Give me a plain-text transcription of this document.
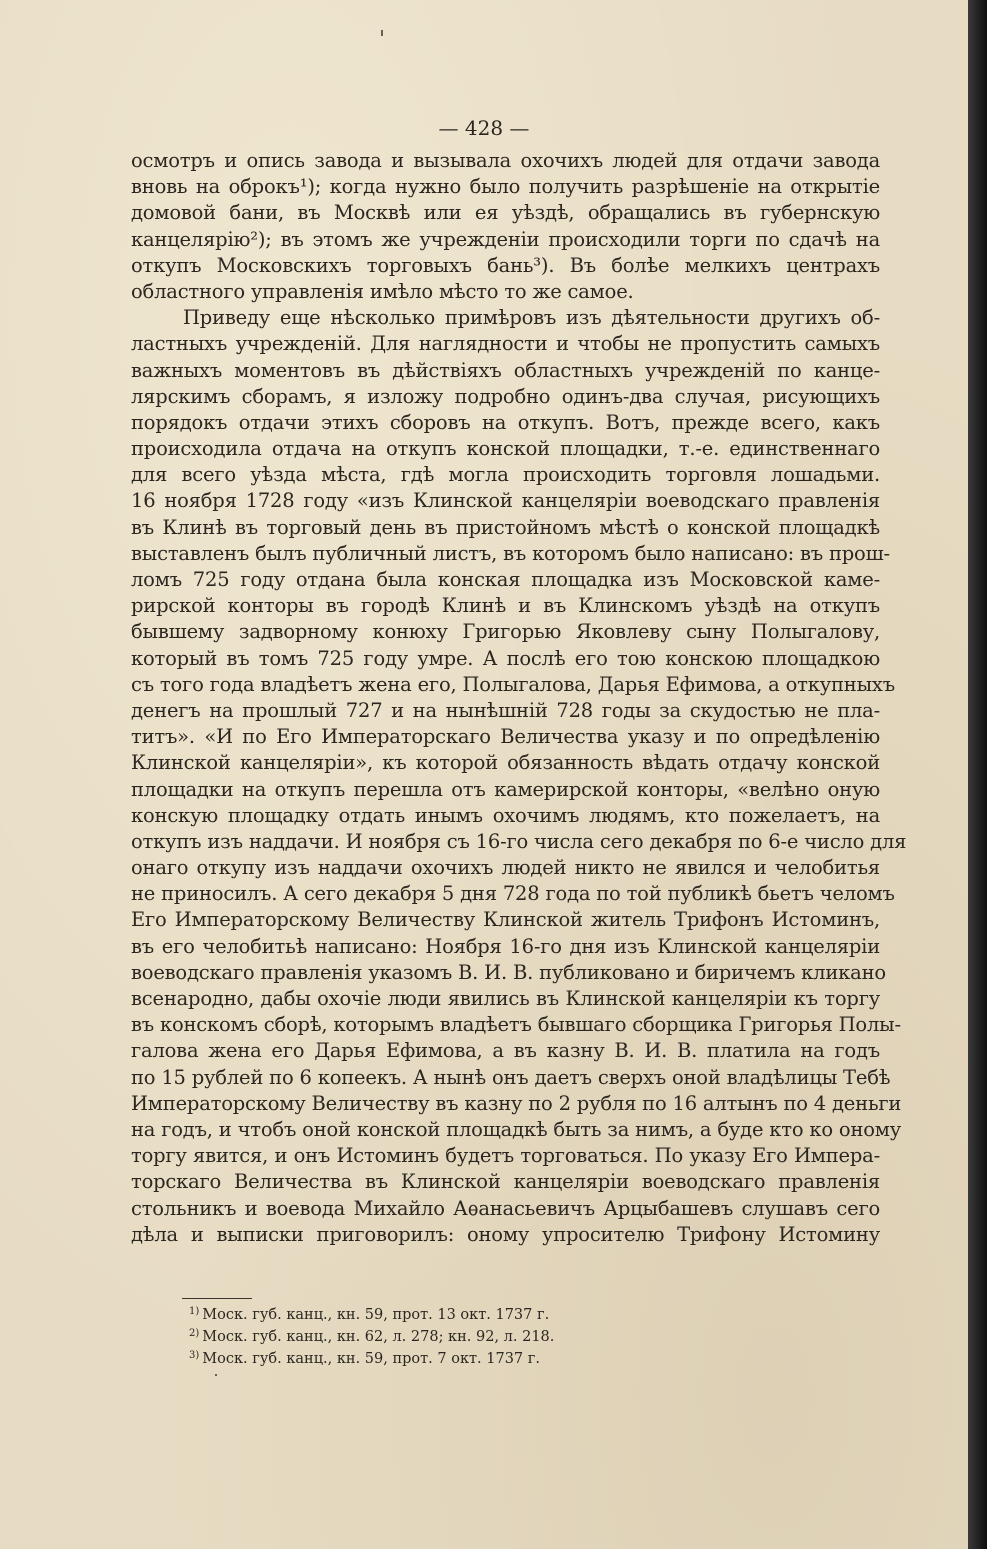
— 428 —
осмотръ и опись завода и вызывала охочихъ людей для отдачи завода
вновь на оброкъ¹); когда нужно было получить разрѣшеніе на открытіе
домовой бани, въ Москвѣ или ея уѣздѣ, обращались въ губернскую
канцелярію²); въ этомъ же учрежденіи происходили торги по сдачѣ на
откупъ Московскихъ торговыхъ бань³). Въ болѣе мелкихъ центрахъ
областного управленія имѣло мѣсто то же самое.
Приведу еще нѣсколько примѣровъ изъ дѣятельности другихъ об-
ластныхъ учрежденій. Для наглядности и чтобы не пропустить самыхъ
важныхъ моментовъ въ дѣйствіяхъ областныхъ учрежденій по канце-
лярскимъ сборамъ, я изложу подробно одинъ-два случая, рисующихъ
порядокъ отдачи этихъ сборовъ на откупъ. Вотъ, прежде всего, какъ
происходила отдача на откупъ конской площадки, т.-е. единственнаго
для всего уѣзда мѣста, гдѣ могла происходить торговля лошадьми.
16 ноября 1728 году «изъ Клинской канцеляріи воеводскаго правленія
въ Клинѣ въ торговый день въ пристойномъ мѣстѣ о конской площадкѣ
выставленъ былъ публичный листъ, въ которомъ было написано: въ прош-
ломъ 725 году отдана была конская площадка изъ Московской каме-
рирской конторы въ городѣ Клинѣ и въ Клинскомъ уѣздѣ на откупъ
бывшему задворному конюху Григорью Яковлеву сыну Полыгалову,
который въ томъ 725 году умре. А послѣ его тою конскою площадкою
съ того года владѣетъ жена его, Полыгалова, Дарья Ефимова, а откупныхъ
денегъ на прошлый 727 и на нынѣшній 728 годы за скудостью не пла-
титъ». «И по Его Императорскаго Величества указу и по опредѣленію
Клинской канцеляріи», къ которой обязанность вѣдать отдачу конской
площадки на откупъ перешла отъ камерирской конторы, «велѣно оную
конскую площадку отдать инымъ охочимъ людямъ, кто пожелаетъ, на
откупъ изъ наддачи. И ноября съ 16-го числа сего декабря по 6-е число для
онаго откупу изъ наддачи охочихъ людей никто не явился и челобитья
не приносилъ. А сего декабря 5 дня 728 года по той публикѣ бьетъ челомъ
Его Императорскому Величеству Клинской житель Трифонъ Истоминъ,
въ его челобитьѣ написано: Ноября 16-го дня изъ Клинской канцеляріи
воеводскаго правленія указомъ В. И. В. публиковано и биричемъ кликано
всенародно, дабы охочіе люди явились въ Клинской канцеляріи къ торгу
въ конскомъ сборѣ, которымъ владѣетъ бывшаго сборщика Григорья Полы-
галова жена его Дарья Ефимова, а въ казну В. И. В. платила на годъ
по 15 рублей по 6 копеекъ. А нынѣ онъ даетъ сверхъ оной владѣлицы Тебѣ
Императорскому Величеству въ казну по 2 рубля по 16 алтынъ по 4 деньги
на годъ, и чтобъ оной конской площадкѣ быть за нимъ, а буде кто ко оному
торгу явится, и онъ Истоминъ будетъ торговаться. По указу Его Импера-
торскаго Величества въ Клинской канцеляріи воеводскаго правленія
стольникъ и воевода Михайло Аѳанасьевичъ Арцыбашевъ слушавъ сего
дѣла и выписки приговорилъ: оному упросителю Трифону Истомину
$^{1)}$ Моск. губ. канц., кн. 59, прот. 13 окт. 1737 г.
$^{2)}$ Моск. губ. канц., кн. 62, л. 278; кн. 92, л. 218.
$^{3)}$ Моск. губ. канц., кн. 59, прот. 7 окт. 1737 г.
